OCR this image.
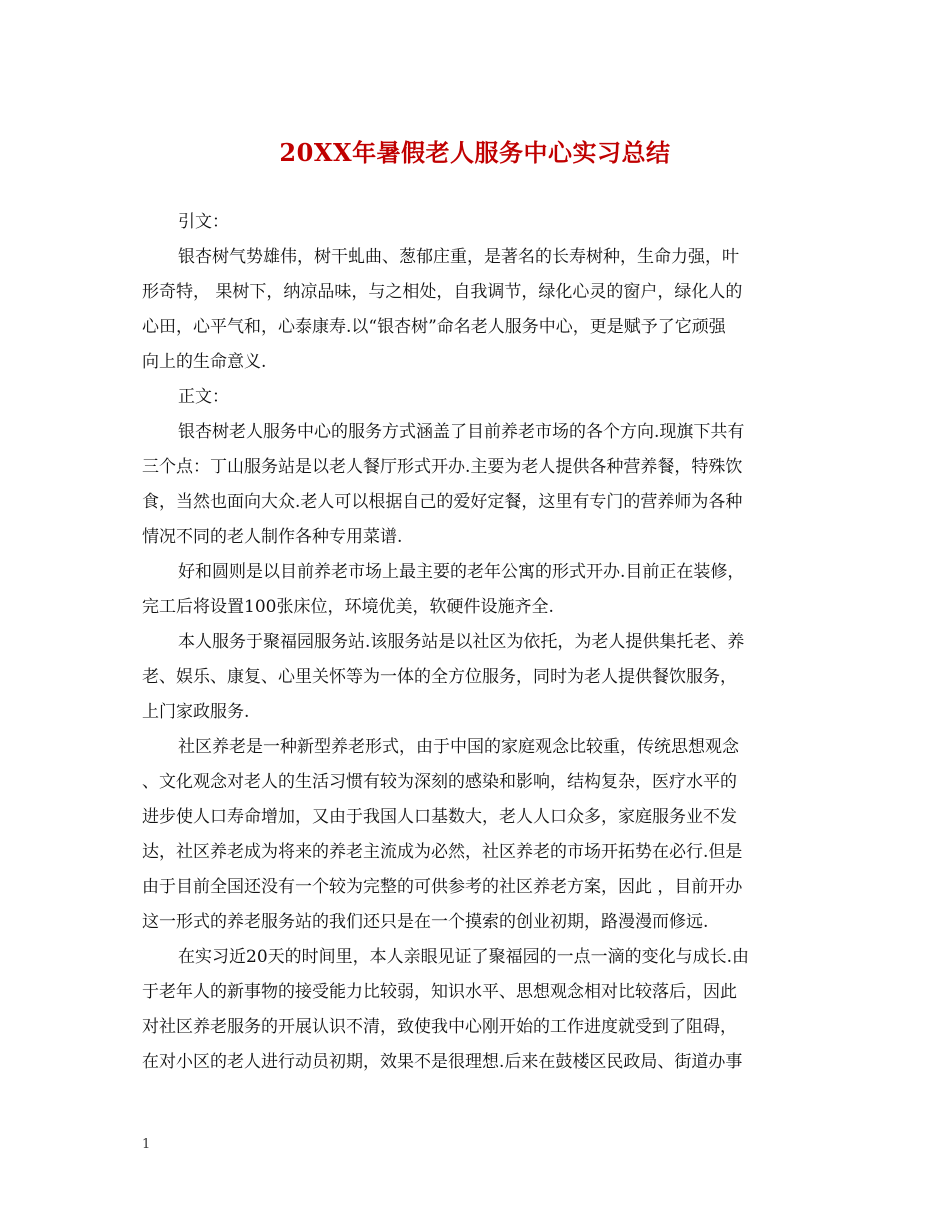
20XX年暑假老人服务中心实习总结
引文：
银杏树气势雄伟，树干虬曲、葱郁庄重，是著名的长寿树种，生命力强，叶
形奇特， 果树下，纳凉品味，与之相处，自我调节，绿化心灵的窗户，绿化人的
心田，心平气和，心泰康寿.以“银杏树”命名老人服务中心，更是赋予了它顽强
向上的生命意义.
正文：
银杏树老人服务中心的服务方式涵盖了目前养老市场的各个方向.现旗下共有
三个点：丁山服务站是以老人餐厅形式开办.主要为老人提供各种营养餐，特殊饮
食，当然也面向大众.老人可以根据自己的爱好定餐，这里有专门的营养师为各种
情况不同的老人制作各种专用菜谱.
好和圆则是以目前养老市场上最主要的老年公寓的形式开办.目前正在装修，
完工后将设置100张床位，环境优美，软硬件设施齐全.
本人服务于聚福园服务站.该服务站是以社区为依托，为老人提供集托老、养
老、娱乐、康复、心里关怀等为一体的全方位服务，同时为老人提供餐饮服务，
上门家政服务.
社区养老是一种新型养老形式，由于中国的家庭观念比较重，传统思想观念
、文化观念对老人的生活习惯有较为深刻的感染和影响，结构复杂，医疗水平的
进步使人口寿命增加，又由于我国人口基数大，老人人口众多，家庭服务业不发
达，社区养老成为将来的养老主流成为必然，社区养老的市场开拓势在必行.但是
由于目前全国还没有一个较为完整的可供参考的社区养老方案，因此 ，目前开办
这一形式的养老服务站的我们还只是在一个摸索的创业初期，路漫漫而修远.
在实习近20天的时间里，本人亲眼见证了聚福园的一点一滴的变化与成长.由
于老年人的新事物的接受能力比较弱，知识水平、思想观念相对比较落后，因此
对社区养老服务的开展认识不清，致使我中心刚开始的工作进度就受到了阻碍，
在对小区的老人进行动员初期，效果不是很理想.后来在鼓楼区民政局、街道办事
1
